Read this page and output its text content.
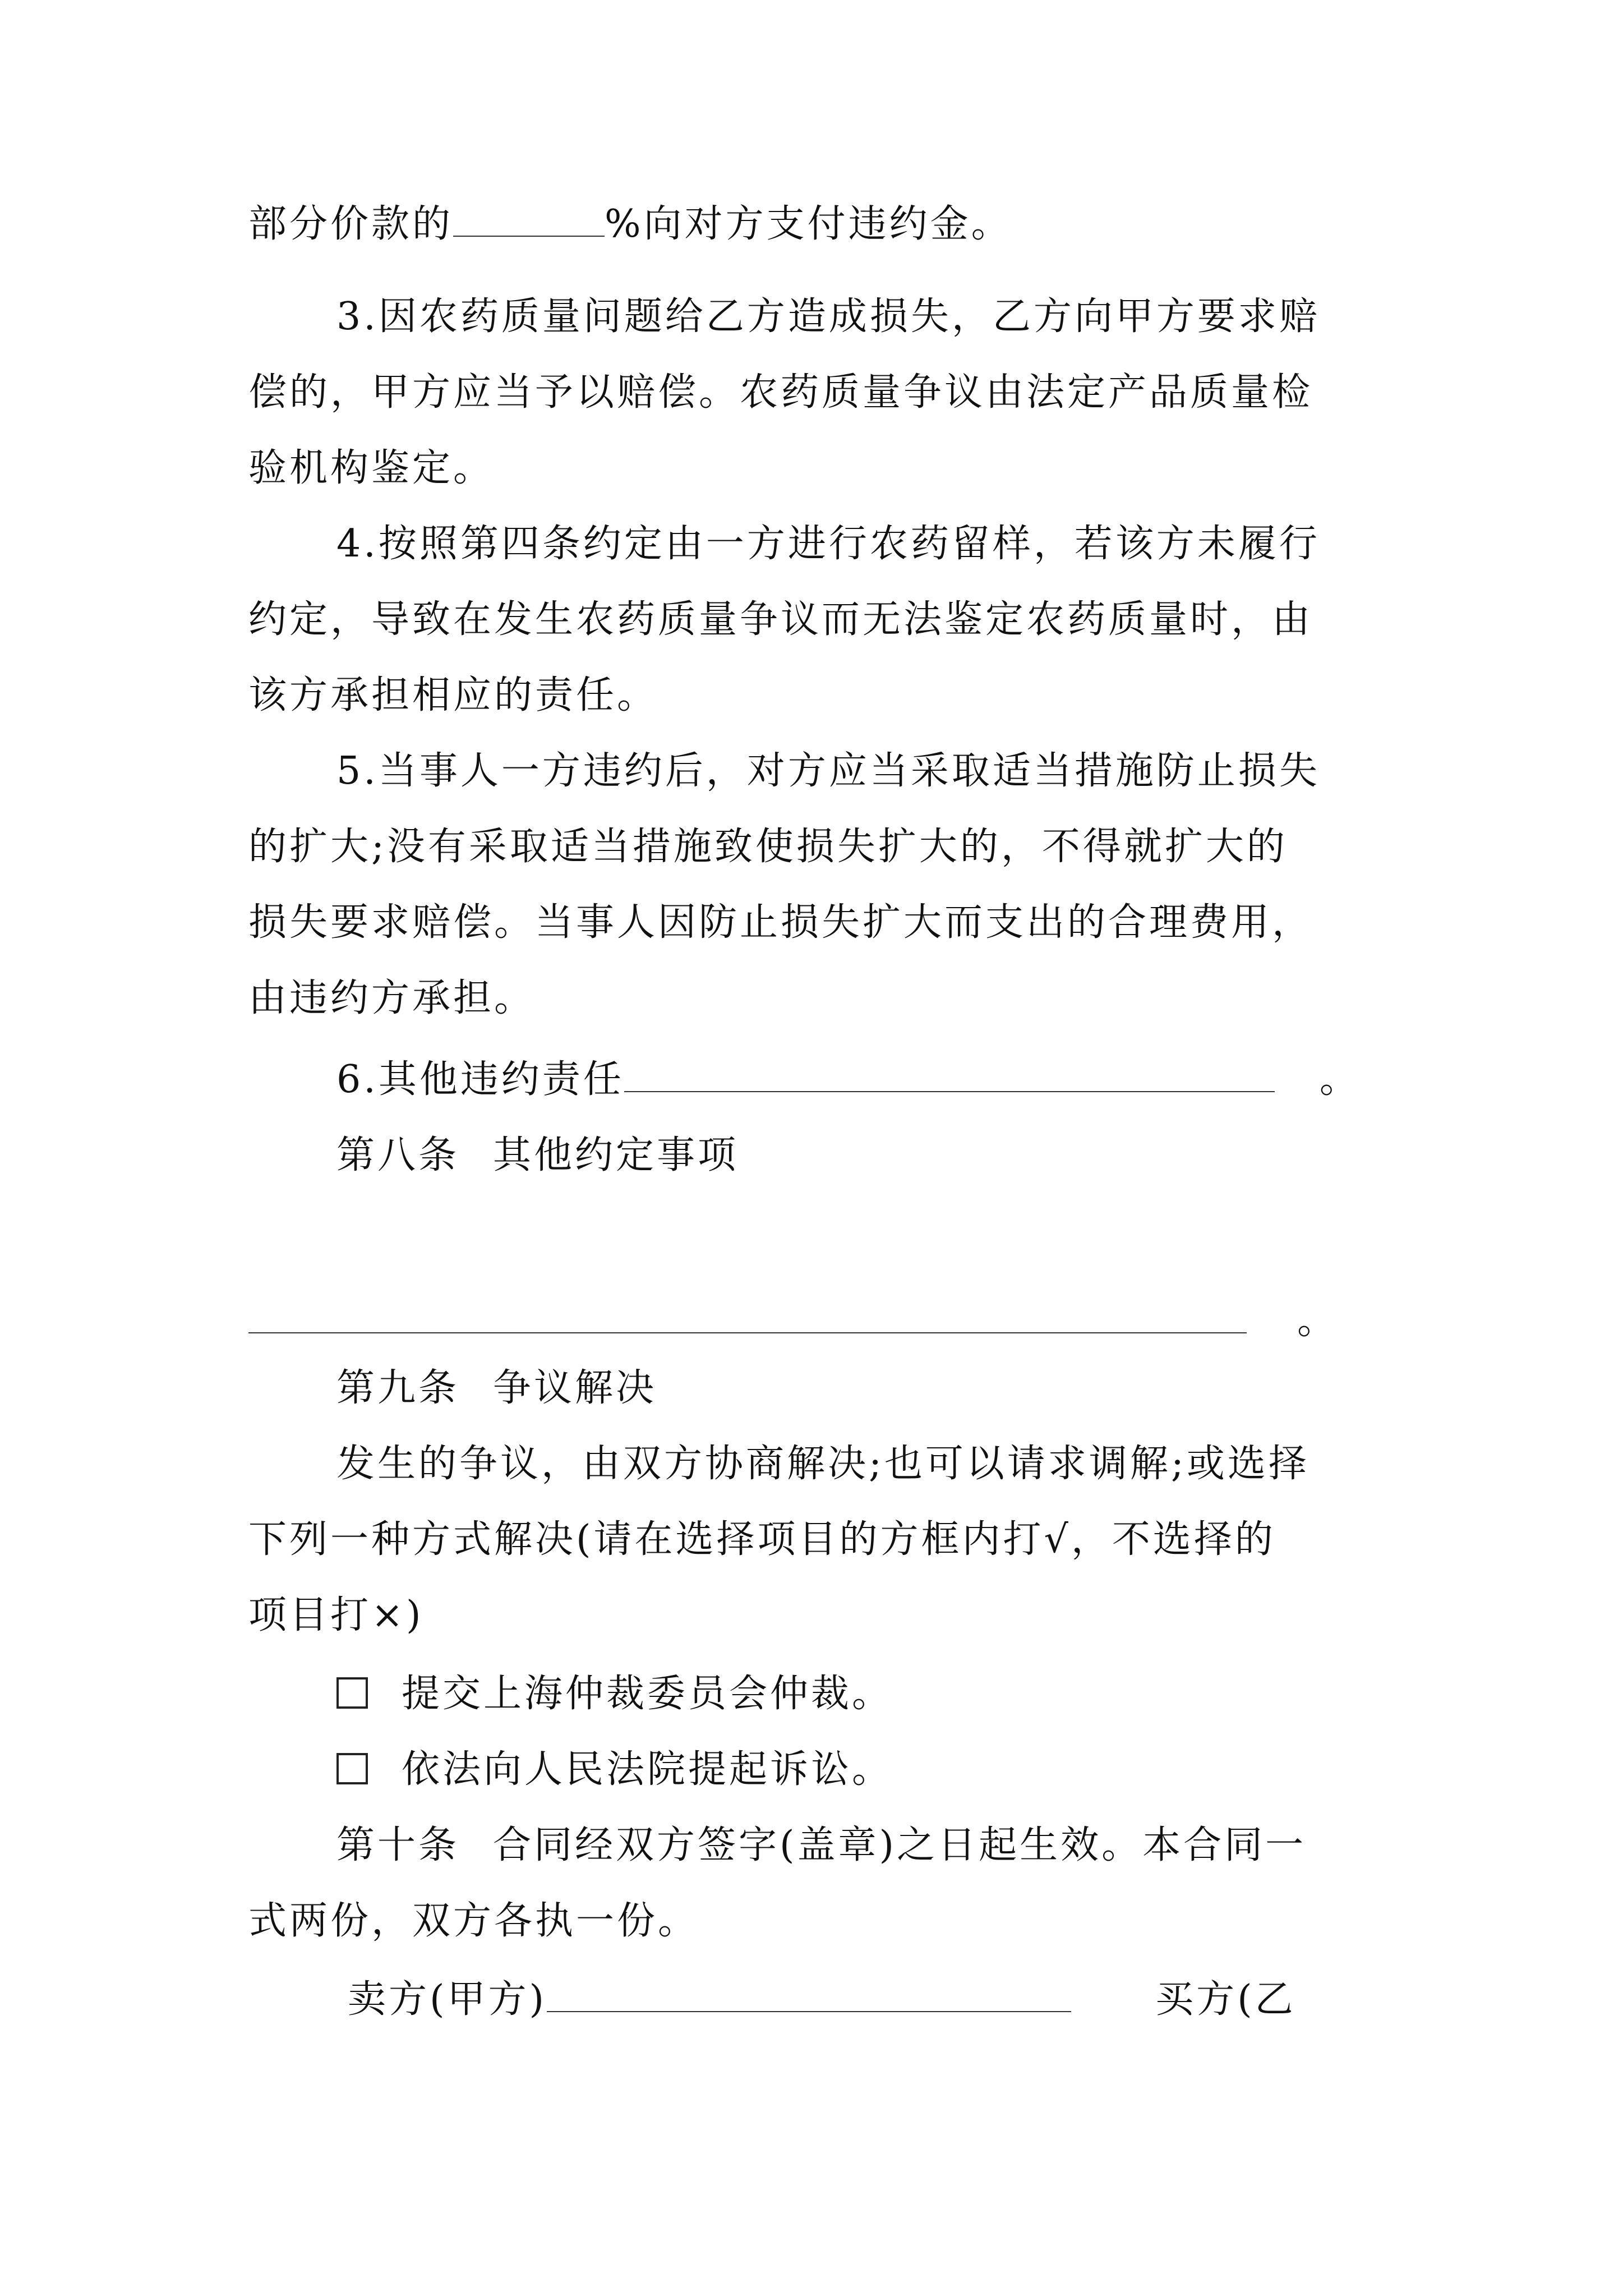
部分价款的	%向对方支付违约金。
3.因农药质量问题给乙方造成损失，乙方向甲方要求赔
偿的，甲方应当予以赔偿。农药质量争议由法定产品质量检
验机构鉴定。
4.按照第四条约定由一方进行农药留样，若该方未履行
约定，导致在发生农药质量争议而无法鉴定农药质量时，由
该方承担相应的责任。
5.当事人一方违约后，对方应当采取适当措施防止损失
的扩大;没有采取适当措施致使损失扩大的，不得就扩大的
损失要求赔偿。当事人因防止损失扩大而支出的合理费用，
由违约方承担。
6.其他违约责任	。
第八条 其他约定事项
。
第九条 争议解决
发生的争议，由双方协商解决;也可以请求调解;或选择
下列一种方式解决(请在选择项目的方框内打√，不选择的
项目打×)
提交上海仲裁委员会仲裁。
依法向人民法院提起诉讼。
第十条 合同经双方签字(盖章)之日起生效。本合同一
式两份，双方各执一份。
卖方(甲方)	买方(乙
